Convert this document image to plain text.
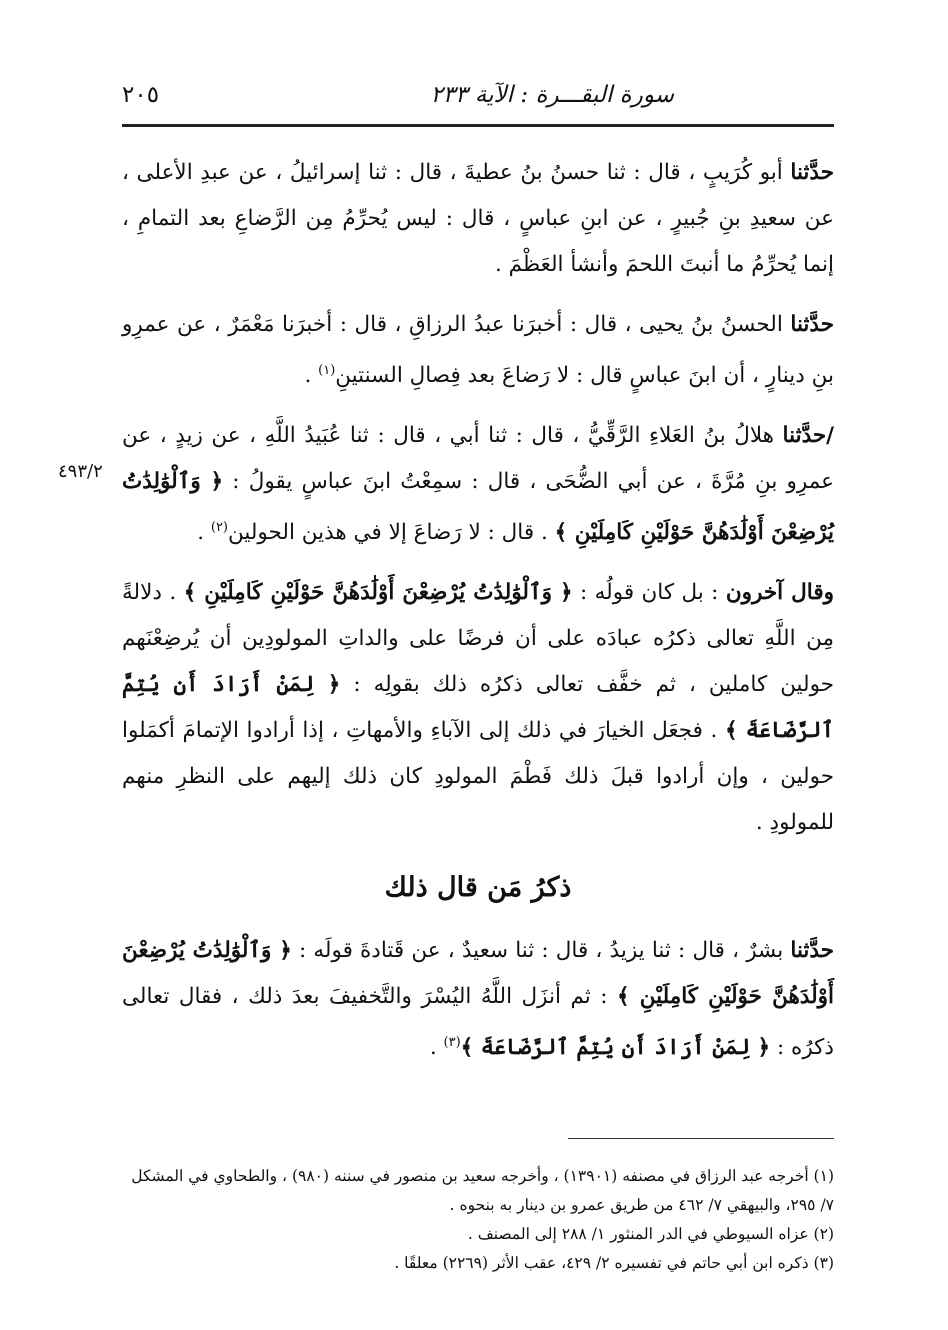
سورة البقـــرة : الآية ٢٣٣
٢٠٥
٤٩٣/٢

حدَّثنا أبو كُرَيبٍ ، قال : ثنا حسنُ بنُ عطيةَ ، قال : ثنا إسرائيلُ ، عن عبدِ الأعلى ، عن سعيدِ بنِ جُبيرٍ ، عن ابنِ عباسٍ ، قال : ليس يُحرِّمُ مِن الرَّضاعِ بعد التمامِ ، إنما يُحرِّمُ ما أنبتَ اللحمَ وأنشأ العَظْمَ .

حدَّثنا الحسنُ بنُ يحيى ، قال : أخبرَنا عبدُ الرزاقِ ، قال : أخبرَنا مَعْمَرٌ ، عن عمرِو بنِ دينارٍ ، أن ابنَ عباسٍ قال : لا رَضاعَ بعد فِصالِ السنتينِ$^{(١)}$ .

/حدَّثنا هلالُ بنُ العَلاءِ الرَّقِّيُّ ، قال : ثنا أبي ، قال : ثنا عُبَيدُ اللَّهِ ، عن زيدٍ ، عن عمرِو بنِ مُرَّةَ ، عن أبي الضُّحَى ، قال : سمِعْتُ ابنَ عباسٍ يقولُ : ﴿ وَٱلْوَٰلِدَٰتُ يُرْضِعْنَ أَوْلَٰدَهُنَّ حَوْلَيْنِ كَامِلَيْنِ ﴾ . قال : لا رَضاعَ إلا في هذين الحولين$^{(٢)}$ .

وقال آخرون : بل كان قولُه : ﴿ وَٱلْوَٰلِدَٰتُ يُرْضِعْنَ أَوْلَٰدَهُنَّ حَوْلَيْنِ كَامِلَيْنِ ﴾ . دلالةً مِن اللَّهِ تعالى ذكرُه عبادَه على أن فرضًا على والداتِ المولودِين أن يُرضِعْنَهم حولين كاملين ، ثم خفَّف تعالى ذكرُه ذلك بقولِه : ﴿ لِمَنْ أَرَادَ أَن يُتِمَّ ٱلرَّضَاعَةَ ﴾ . فجعَل الخيارَ في ذلك إلى الآباءِ والأمهاتِ ، إذا أرادوا الإتمامَ أكمَلوا حولين ، وإن أرادوا قبلَ ذلك فَطْمَ المولودِ كان ذلك إليهم على النظرِ منهم للمولودِ .

ذكرُ مَن قال ذلك

حدَّثنا بشرٌ ، قال : ثنا يزيدُ ، قال : ثنا سعيدٌ ، عن قَتادةَ قولَه : ﴿ وَٱلْوَٰلِدَٰتُ يُرْضِعْنَ أَوْلَٰدَهُنَّ حَوْلَيْنِ كَامِلَيْنِ ﴾ : ثم أنزَل اللَّهُ اليُسْرَ والتَّخفيفَ بعدَ ذلك ، فقال تعالى ذكرُه : ﴿ لِمَنْ أَرَادَ أَن يُتِمَّ ٱلرَّضَاعَةَ ﴾$^{(٣)}$ .

(١) أخرجه عبد الرزاق في مصنفه (١٣٩٠١) ، وأخرجه سعيد بن منصور في سننه (٩٨٠) ، والطحاوي في المشكل ٧/ ٢٩٥، والبيهقي ٧/ ٤٦٢ من طريق عمرو بن دينار به بنحوه .

(٢) عزاه السيوطي في الدر المنثور ١/ ٢٨٨ إلى المصنف .

(٣) ذكره ابن أبي حاتم في تفسيره ٢/ ٤٢٩، عقب الأثر (٢٢٦٩) معلقًا .
